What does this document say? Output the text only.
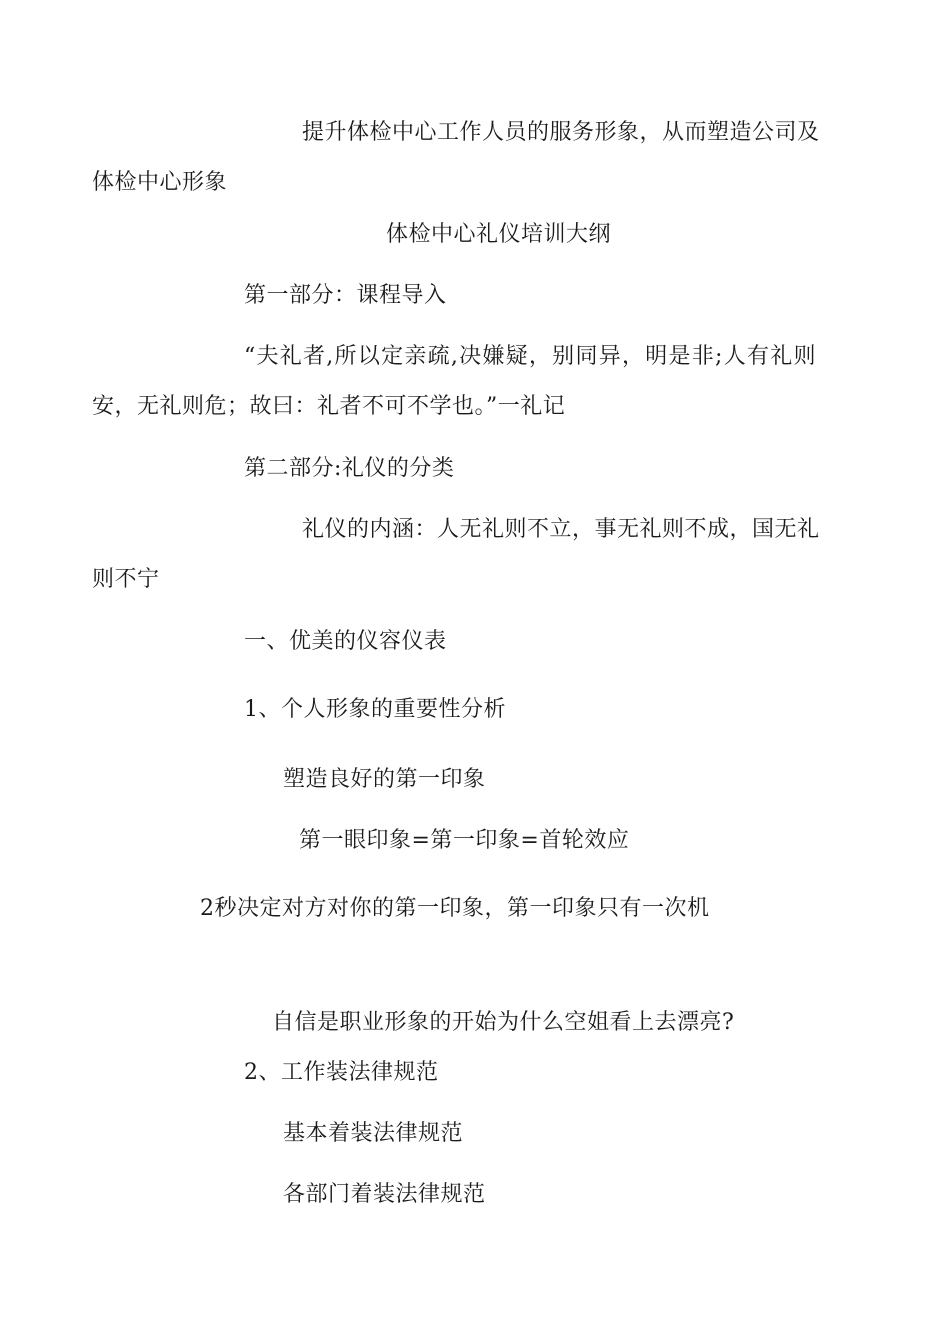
提升体检中心工作人员的服务形象，从而塑造公司及
体检中心形象
体检中心礼仪培训大纲
第一部分：课程导入
“夫礼者,所以定亲疏,决嫌疑，别同异，明是非;人有礼则
安，无礼则危；故曰：礼者不可不学也。”一礼记
第二部分:礼仪的分类
礼仪的内涵：人无礼则不立，事无礼则不成，国无礼
则不宁
一、优美的仪容仪表
1、个人形象的重要性分析
塑造良好的第一印象
第一眼印象=第一印象=首轮效应
2秒决定对方对你的第一印象，第一印象只有一次机
自信是职业形象的开始为什么空姐看上去漂亮?
2、工作装法律规范
基本着装法律规范
各部门着装法律规范
